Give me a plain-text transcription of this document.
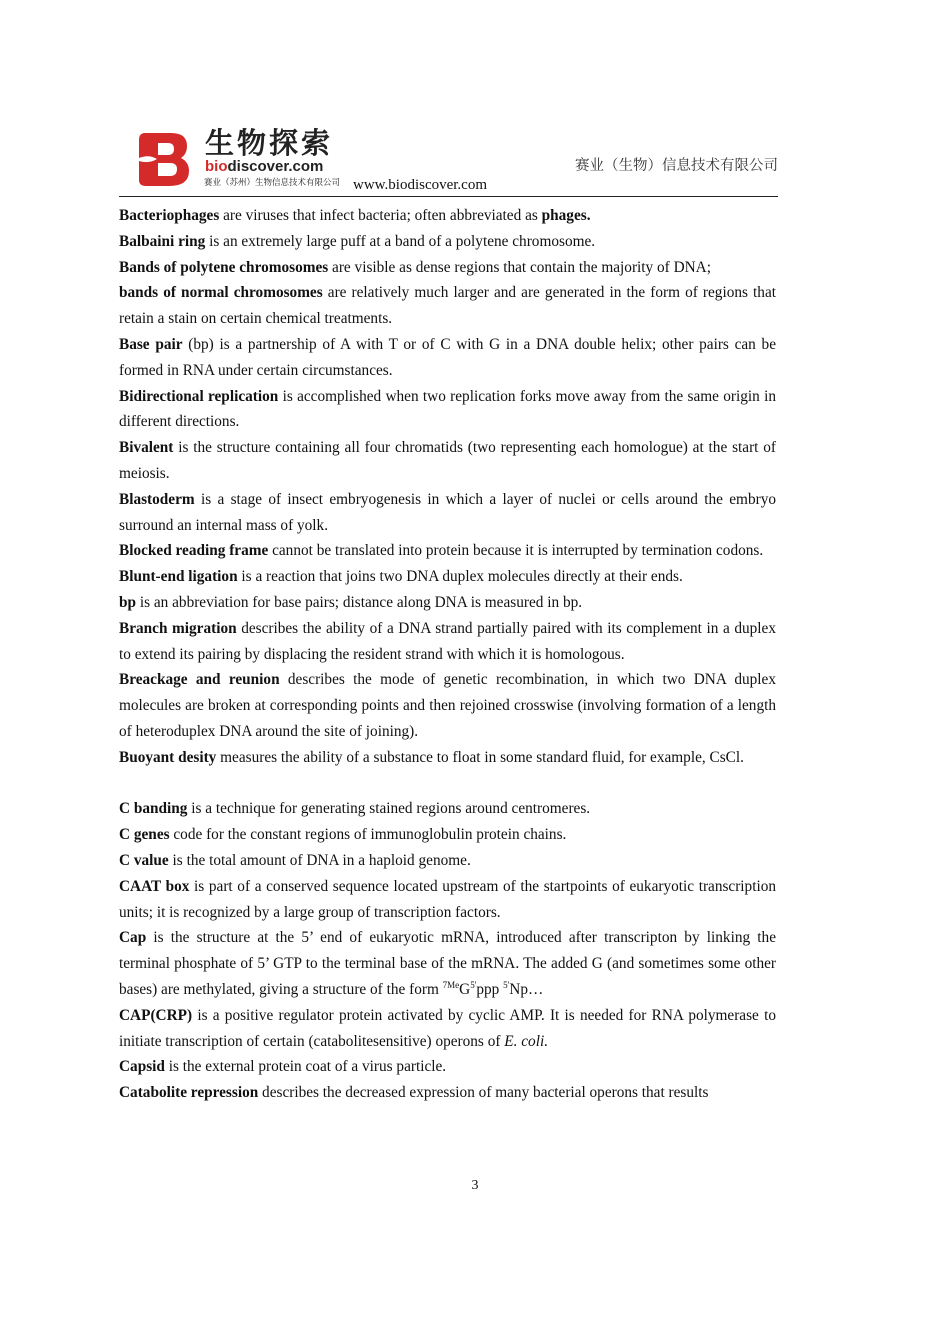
生物探索
biodiscover.com
赛业（苏州）生物信息技术有限公司 www.biodiscover.com
赛业（生物）信息技术有限公司
Bacteriophages are viruses that infect bacteria; often abbreviated as phages.
Balbaini ring is an extremely large puff at a band of a polytene chromosome.
Bands of polytene chromosomes are visible as dense regions that contain the majority of DNA;
bands of normal chromosomes are relatively much larger and are generated in the form of regions that retain a stain on certain chemical treatments.
Base pair (bp) is a partnership of A with T or of C with G in a DNA double helix; other pairs can be formed in RNA under certain circumstances.
Bidirectional replication is accomplished when two replication forks move away from the same origin in different directions.
Bivalent is the structure containing all four chromatids (two representing each homologue) at the start of meiosis.
Blastoderm is a stage of insect embryogenesis in which a layer of nuclei or cells around the embryo surround an internal mass of yolk.
Blocked reading frame cannot be translated into protein because it is interrupted by termination codons.
Blunt-end ligation is a reaction that joins two DNA duplex molecules directly at their ends.
bp is an abbreviation for base pairs; distance along DNA is measured in bp.
Branch migration describes the ability of a DNA strand partially paired with its complement in a duplex to extend its pairing by displacing the resident strand with which it is homologous.
Breackage and reunion describes the mode of genetic recombination, in which two DNA duplex molecules are broken at corresponding points and then rejoined crosswise (involving formation of a length of heteroduplex DNA around the site of joining).
Buoyant desity measures the ability of a substance to float in some standard fluid, for example, CsCl.
C banding is a technique for generating stained regions around centromeres.
C genes code for the constant regions of immunoglobulin protein chains.
C value is the total amount of DNA in a haploid genome.
CAAT box is part of a conserved sequence located upstream of the startpoints of eukaryotic transcription units; it is recognized by a large group of transcription factors.
Cap is the structure at the 5’ end of eukaryotic mRNA, introduced after transcripton by linking the terminal phosphate of 5’ GTP to the terminal base of the mRNA. The added G (and sometimes some other bases) are methylated, giving a structure of the form $^{7Me}G^{5'}ppp$ $^{5'}$Np…
CAP(CRP) is a positive regulator protein activated by cyclic AMP. It is needed for RNA polymerase to initiate transcription of certain (catabolitesensitive) operons of E. coli.
Capsid is the external protein coat of a virus particle.
Catabolite repression describes the decreased expression of many bacterial operons that results
3
